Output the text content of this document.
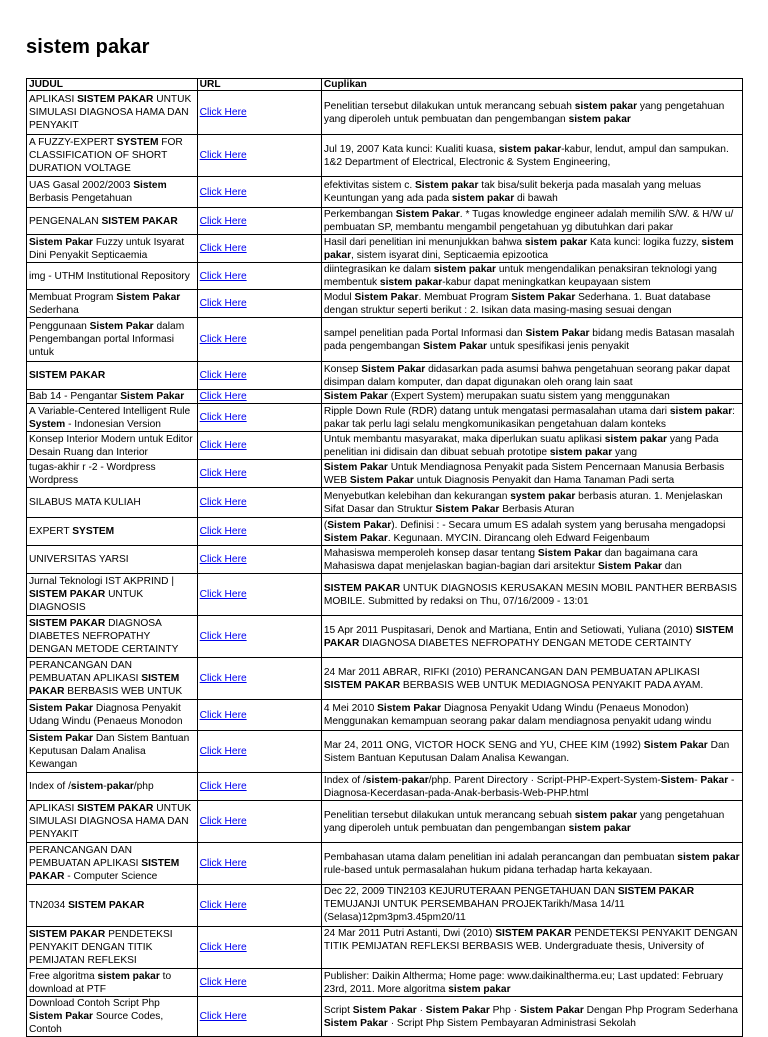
sistem pakar
JUDUL	URL	Cuplikan
APLIKASI SISTEM PAKAR UNTUK SIMULASI DIAGNOSA HAMA DAN PENYAKIT	Click Here	Penelitian tersebut dilakukan untuk merancang sebuah sistem pakar yang pengetahuan yang diperoleh untuk pembuatan dan pengembangan sistem pakar
A FUZZY-EXPERT SYSTEM FOR CLASSIFICATION OF SHORT DURATION VOLTAGE	Click Here	Jul 19, 2007 Kata kunci: Kualiti kuasa, sistem pakar-kabur, lendut, ampul dan sampukan. 1&2 Department of Electrical, Electronic & System Engineering,
UAS Gasal 2002/2003 Sistem Berbasis Pengetahuan	Click Here	efektivitas sistem c. Sistem pakar tak bisa/sulit bekerja pada masalah yang meluas Keuntungan yang ada pada sistem pakar di bawah
PENGENALAN SISTEM PAKAR	Click Here	Perkembangan Sistem Pakar. * Tugas knowledge engineer adalah memilih S/W. & H/W u/ pembuatan SP, membantu mengambil pengetahuan yg dibutuhkan dari pakar
Sistem Pakar Fuzzy untuk Isyarat Dini Penyakit Septicaemia	Click Here	Hasil dari penelitian ini menunjukkan bahwa sistem pakar Kata kunci: logika fuzzy, sistem pakar, sistem isyarat dini, Septicaemia epizootica
img - UTHM Institutional Repository	Click Here	diintegrasikan ke dalam sistem pakar untuk mengendalikan penaksiran teknologi yang membentuk sistem pakar-kabur dapat meningkatkan keupayaan sistem
Membuat Program Sistem Pakar Sederhana	Click Here	Modul Sistem Pakar. Membuat Program Sistem Pakar Sederhana. 1. Buat database dengan struktur seperti berikut : 2. Isikan data masing-masing sesuai dengan
Penggunaan Sistem Pakar dalam Pengembangan portal Informasi untuk	Click Here	sampel penelitian pada Portal Informasi dan Sistem Pakar bidang medis Batasan masalah pada pengembangan Sistem Pakar untuk spesifikasi jenis penyakit
SISTEM PAKAR	Click Here	Konsep Sistem Pakar didasarkan pada asumsi bahwa pengetahuan seorang pakar dapat disimpan dalam komputer, dan dapat digunakan oleh orang lain saat
Bab 14 - Pengantar Sistem Pakar	Click Here	Sistem Pakar (Expert System) merupakan suatu sistem yang menggunakan
A Variable-Centered Intelligent Rule System - Indonesian Version	Click Here	Ripple Down Rule (RDR) datang untuk mengatasi permasalahan utama dari sistem pakar: pakar tak perlu lagi selalu mengkomunikasikan pengetahuan dalam konteks
Konsep Interior Modern untuk Editor Desain Ruang dan Interior	Click Here	Untuk membantu masyarakat, maka diperlukan suatu aplikasi sistem pakar yang Pada penelitian ini didisain dan dibuat sebuah prototipe sistem pakar yang
tugas-akhir r -2 - Wordpress Wordpress	Click Here	Sistem Pakar Untuk Mendiagnosa Penyakit pada Sistem Pencernaan Manusia Berbasis WEB Sistem Pakar untuk Diagnosis Penyakit dan Hama Tanaman Padi serta
SILABUS MATA KULIAH	Click Here	Menyebutkan kelebihan dan kekurangan system pakar berbasis aturan. 1. Menjelaskan Sifat Dasar dan Struktur Sistem Pakar Berbasis Aturan
EXPERT SYSTEM	Click Here	(Sistem Pakar). Definisi : - Secara umum ES adalah system yang berusaha mengadopsi Sistem Pakar. Kegunaan. MYCIN. Dirancang oleh Edward Feigenbaum
UNIVERSITAS YARSI	Click Here	Mahasiswa memperoleh konsep dasar tentang Sistem Pakar dan bagaimana cara Mahasiswa dapat menjelaskan bagian-bagian dari arsitektur Sistem Pakar dan
Jurnal Teknologi IST AKPRIND | SISTEM PAKAR UNTUK DIAGNOSIS	Click Here	SISTEM PAKAR UNTUK DIAGNOSIS KERUSAKAN MESIN MOBIL PANTHER BERBASIS MOBILE. Submitted by redaksi on Thu, 07/16/2009 - 13:01
SISTEM PAKAR DIAGNOSA DIABETES NEFROPATHY DENGAN METODE CERTAINTY	Click Here	15 Apr 2011 Puspitasari, Denok and Martiana, Entin and Setiowati, Yuliana (2010) SISTEM PAKAR DIAGNOSA DIABETES NEFROPATHY DENGAN METODE CERTAINTY
PERANCANGAN DAN PEMBUATAN APLIKASI SISTEM PAKAR BERBASIS WEB UNTUK	Click Here	24 Mar 2011 ABRAR, RIFKI (2010) PERANCANGAN DAN PEMBUATAN APLIKASI SISTEM PAKAR BERBASIS WEB UNTUK MEDIAGNOSA PENYAKIT PADA AYAM.
Sistem Pakar Diagnosa Penyakit Udang Windu (Penaeus Monodon	Click Here	4 Mei 2010 Sistem Pakar Diagnosa Penyakit Udang Windu (Penaeus Monodon) Menggunakan kemampuan seorang pakar dalam mendiagnosa penyakit udang windu
Sistem Pakar Dan Sistem Bantuan Keputusan Dalam Analisa Kewangan	Click Here	Mar 24, 2011 ONG, VICTOR HOCK SENG and YU, CHEE KIM (1992) Sistem Pakar Dan Sistem Bantuan Keputusan Dalam Analisa Kewangan.
Index of /sistem-pakar/php	Click Here	Index of /sistem-pakar/php. Parent Directory · Script-PHP-Expert-System-Sistem- Pakar -Diagnosa-Kecerdasan-pada-Anak-berbasis-Web-PHP.html
APLIKASI SISTEM PAKAR UNTUK SIMULASI DIAGNOSA HAMA DAN PENYAKIT	Click Here	Penelitian tersebut dilakukan untuk merancang sebuah sistem pakar yang pengetahuan yang diperoleh untuk pembuatan dan pengembangan sistem pakar
PERANCANGAN DAN PEMBUATAN APLIKASI SISTEM PAKAR - Computer Science	Click Here	Pembahasan utama dalam penelitian ini adalah perancangan dan pembuatan sistem pakar rule-based untuk permasalahan hukum pidana terhadap harta kekayaan.
TN2034 SISTEM PAKAR	Click Here	Dec 22, 2009 TIN2103 KEJURUTERAAN PENGETAHUAN DAN SISTEM PAKAR TEMUJANJI UNTUK PERSEMBAHAN PROJEKTarikh/Masa 14/11 (Selasa)12pm3pm3.45pm20/11
SISTEM PAKAR PENDETEKSI PENYAKIT DENGAN TITIK PEMIJATAN REFLEKSI	Click Here	24 Mar 2011 Putri Astanti, Dwi (2010) SISTEM PAKAR PENDETEKSI PENYAKIT DENGAN TITIK PEMIJATAN REFLEKSI BERBASIS WEB. Undergraduate thesis, University of
Free algoritma sistem pakar to download at PTF	Click Here	Publisher: Daikin Altherma; Home page: www.daikinaltherma.eu; Last updated: February 23rd, 2011. More algoritma sistem pakar
Download Contoh Script Php Sistem Pakar Source Codes, Contoh	Click Here	Script Sistem Pakar · Sistem Pakar Php · Sistem Pakar Dengan Php Program Sederhana Sistem Pakar · Script Php Sistem Pembayaran Administrasi Sekolah
